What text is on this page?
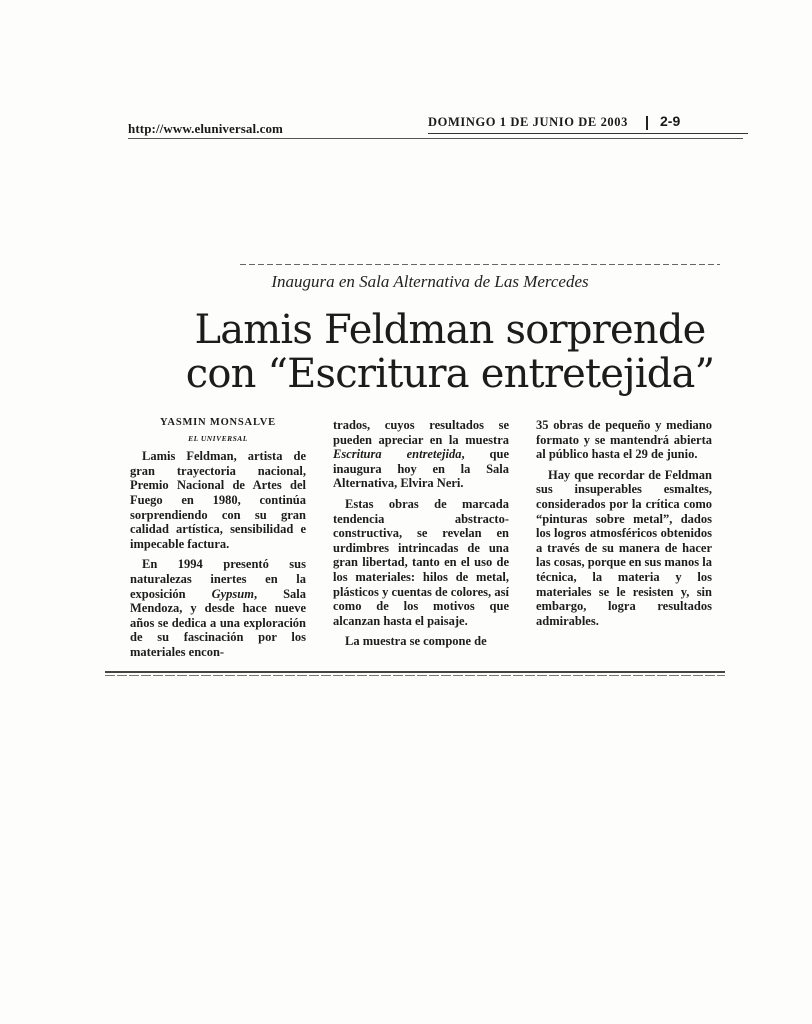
http://www.eluniversal.com	DOMINGO 1 DE JUNIO DE 2003 2-9
Inaugura en Sala Alternativa de Las Mercedes
Lamis Feldman sorprende
con “Escritura entretejida”
YASMIN MONSALVE
EL UNIVERSAL

Lamis Feldman, artista de gran trayectoria nacional, Premio Nacional de Artes del Fuego en 1980, continúa sorprendiendo con su gran calidad artística, sensibilidad e impecable factura.

En 1994 presentó sus naturalezas inertes en la exposición Gypsum, Sala Mendoza, y desde hace nueve años se dedica a una exploración de su fascinación por los materiales encon-

trados, cuyos resultados se pueden apreciar en la muestra Escritura entretejida, que inaugura hoy en la Sala Alternativa, Elvira Neri.

Estas obras de marcada tendencia abstracto-constructiva, se revelan en urdimbres intrincadas de una gran libertad, tanto en el uso de los materiales: hilos de metal, plásticos y cuentas de colores, así como de los motivos que alcanzan hasta el paisaje.

La muestra se compone de

35 obras de pequeño y mediano formato y se mantendrá abierta al público hasta el 29 de junio.

Hay que recordar de Feldman sus insuperables esmaltes, considerados por la crítica como “pinturas sobre metal”, dados los logros atmosféricos obtenidos a través de su manera de hacer las cosas, porque en sus manos la técnica, la materia y los materiales se le resisten y, sin embargo, logra resultados admirables.
